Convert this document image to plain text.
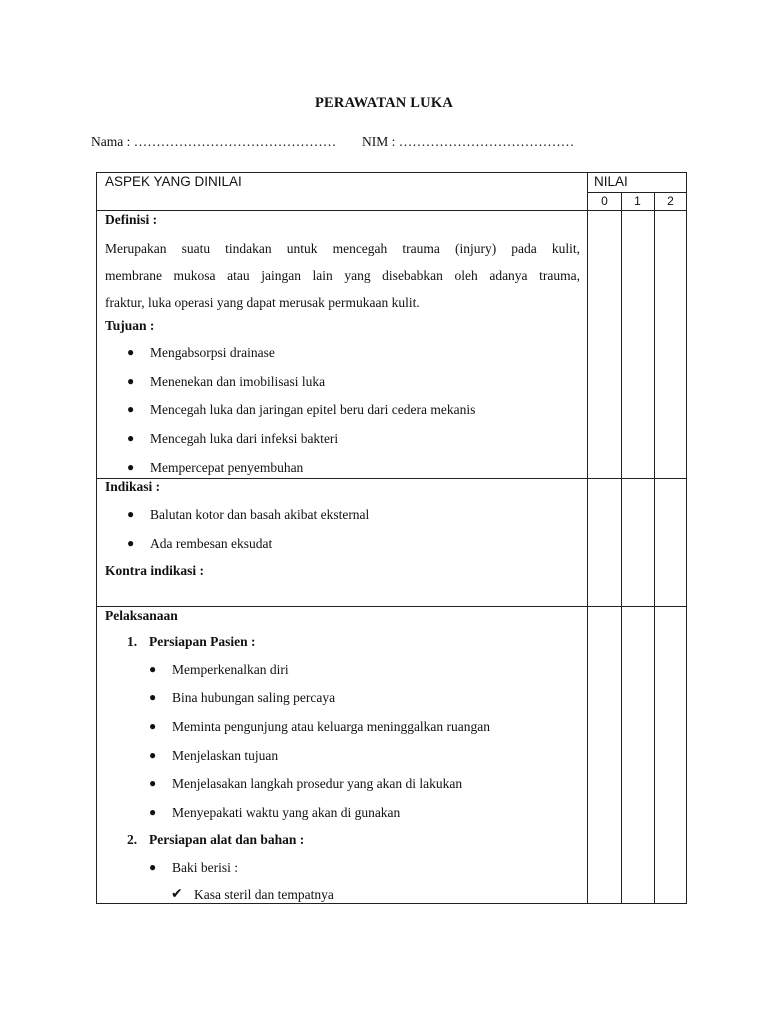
PERAWATAN LUKA
Nama : ……………………………………… NIM : …………………………………
ASPEK YANG DINILAI	NILAI
0	1	2
Definisi :
Merupakan suatu tindakan untuk mencegah trauma (injury) pada kulit,
membrane mukosa atau jaingan lain yang disebabkan oleh adanya trauma,
fraktur, luka operasi yang dapat merusak permukaan kulit.
Tujuan :
● Mengabsorpsi drainase
● Menenekan dan imobilisasi luka
● Mencegah luka dan jaringan epitel beru dari cedera mekanis
● Mencegah luka dari infeksi bakteri
● Mempercepat penyembuhan
Indikasi :
● Balutan kotor dan basah akibat eksternal
● Ada rembesan eksudat
Kontra indikasi :
Pelaksanaan
1. Persiapan Pasien :
● Memperkenalkan diri
● Bina hubungan saling percaya
● Meminta pengunjung atau keluarga meninggalkan ruangan
● Menjelaskan tujuan
● Menjelasakan langkah prosedur yang akan di lakukan
● Menyepakati waktu yang akan di gunakan
2. Persiapan alat dan bahan :
● Baki berisi :
✔ Kasa steril dan tempatnya
